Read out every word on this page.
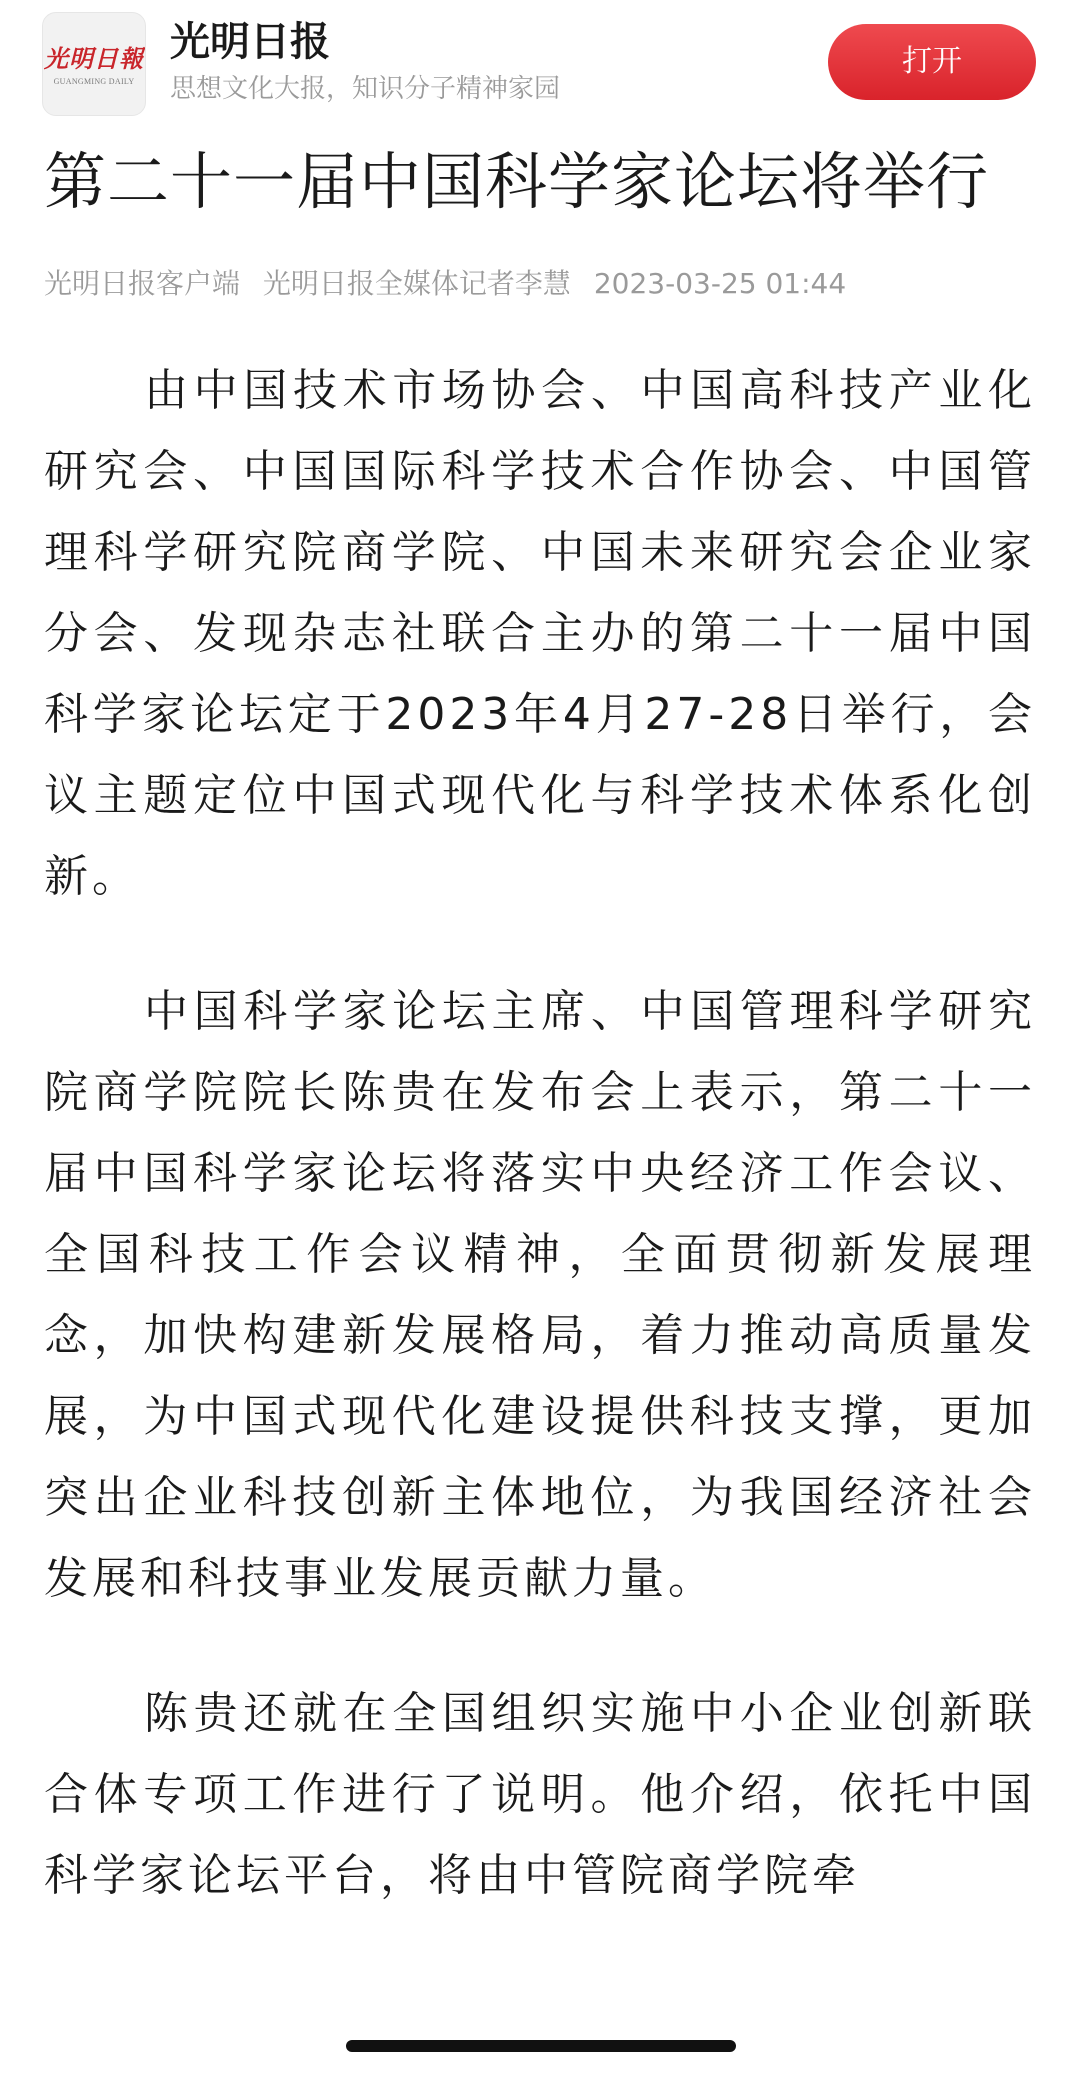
光明日報
GUANGMING DAILY
光明日报
思想文化大报，知识分子精神家园
打开
第二十一届中国科学家论坛将举行
光明日报客户端 光明日报全媒体记者李慧 2023-03-25 01:44

由中国技术市场协会、中国高科技产业化研究会、中国国际科学技术合作协会、中国管理科学研究院商学院、中国未来研究会企业家分会、发现杂志社联合主办的第二十一届中国科学家论坛定于2023年4月27-28日举行，会议主题定位中国式现代化与科学技术体系化创新。

中国科学家论坛主席、中国管理科学研究院商学院院长陈贵在发布会上表示，第二十一届中国科学家论坛将落实中央经济工作会议、全国科技工作会议精神，全面贯彻新发展理念，加快构建新发展格局，着力推动高质量发展，为中国式现代化建设提供科技支撑，更加突出企业科技创新主体地位，为我国经济社会发展和科技事业发展贡献力量。

陈贵还就在全国组织实施中小企业创新联合体专项工作进行了说明。他介绍，依托中国科学家论坛平台，将由中管院商学院牵
